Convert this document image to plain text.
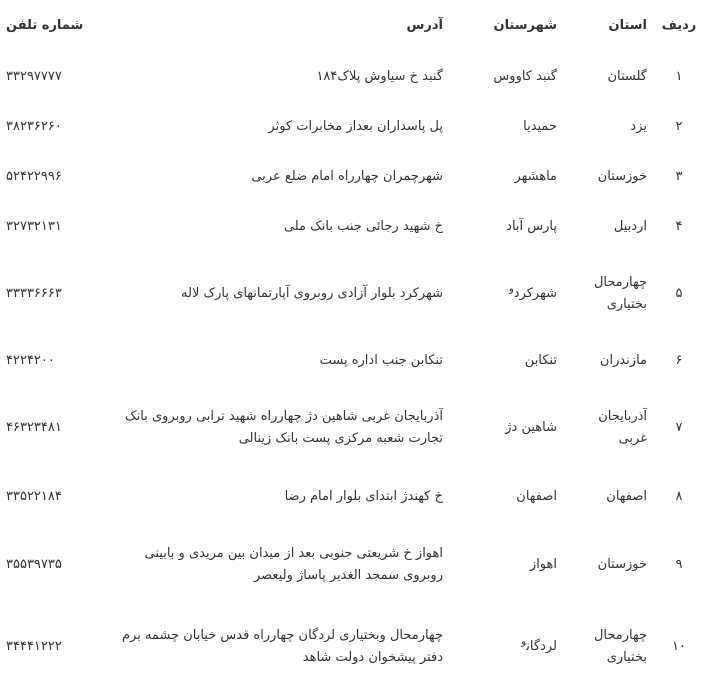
ردیف	استان	شهرستان	آدرس	شماره تلفن
۱	گلستان	گنبد کاووس	گنبد خ سیاوش پلاک۱۸۴	۳۳۲۹۷۷۷۷
۲	یزد	حمیدیا	پل پاسداران بعداز مخابرات کوثر	۳۸۲۳۶۲۶۰
۳	خوزستان	ماهشهر	شهرچمران چهارراه امام ضلع عربی	۵۲۴۲۲۹۹۶
۴	اردبیل	پارس آباد	خ شهید رجائی جنب بانک ملی	۳۲۷۳۲۱۳۱
۵	چهارمحال بختیاری	شهرکرد$^و$	شهرکرد بلوار آزادی روبروی آپارتمانهای پارک لاله	۳۳۳۳۶۶۶۳
۶	مازندران	تنکابن	تنکابن جنب اداره پست	۴۲۲۴۲۰۰
۷	آذربایجان غربی	شاهین دژ	آذربایجان غربی شاهین دژ چهارراه شهید ترابی روبروی بانک تجارت شعبه مرکزی پست بانک زینالی	۴۶۳۲۳۴۸۱
۸	اصفهان	اصفهان	خ کهندژ ابتدای بلوار امام رضا	۳۳۵۲۲۱۸۴
۹	خوزستان	اهواز	اهواز خ شریعتی جنوبی بعد از میدان بین مریدی و بابینی روبروی سمجد الغدیر پاساژ ولیعصر	۳۵۵۳۹۷۳۵
۱۰	چهارمحال بختیاری	لردگان$^و$	چهارمحال وبختیاری لردگان چهارراه قدس خیابان چشمه برم دفتر پیشخوان دولت شاهد	۳۴۴۴۱۲۲۲
